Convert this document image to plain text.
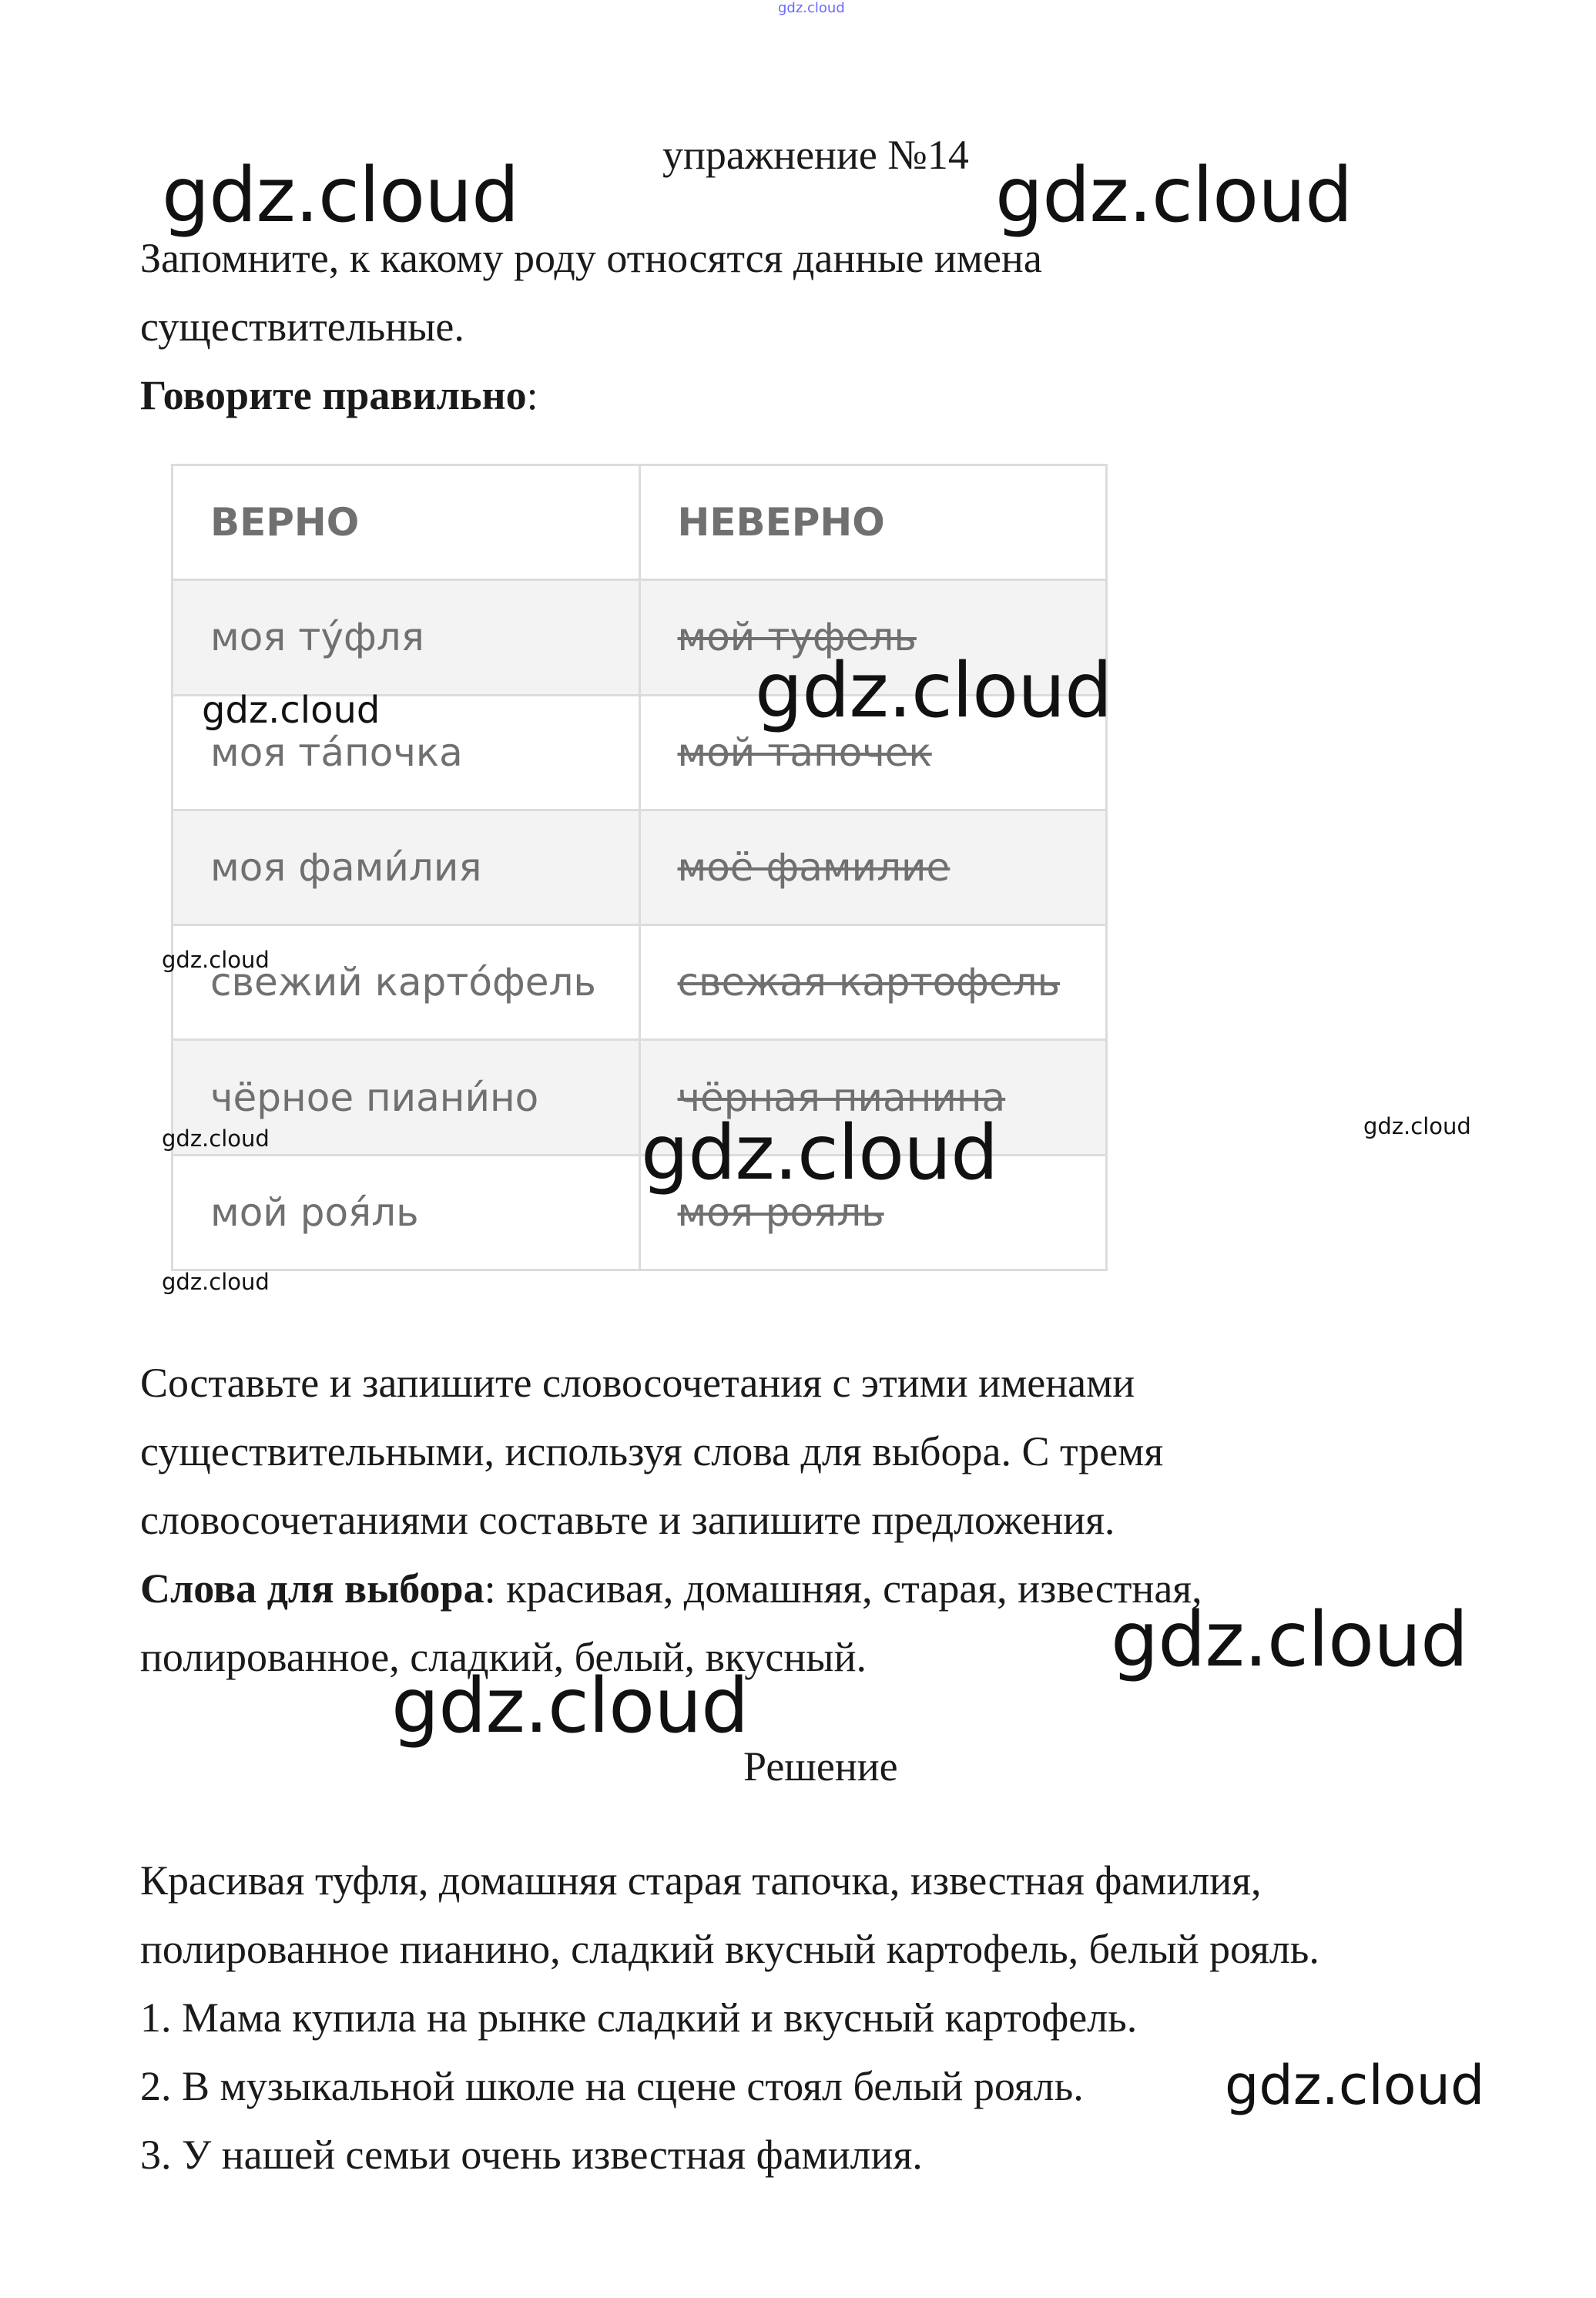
gdz.cloud
упражнение №14
Запомните, к какому роду относятся данные имена
существительные.
Говорите правильно:
ВЕРНО	НЕВЕРНО
моя ту́фля	мой туфель
моя та́почка	мой тапочек
моя фами́лия	моё фамилие
свежий карто́фель	свежая картофель
чёрное пиани́но	чёрная пианина
мой роя́ль	моя рояль
Составьте и запишите словосочетания с этими именами
существительными, используя слова для выбора. С тремя
словосочетаниями составьте и запишите предложения.
Слова для выбора: красивая, домашняя, старая, известная,
полированное, сладкий, белый, вкусный.
Решение
Красивая туфля, домашняя старая тапочка, известная фамилия,
полированное пианино, сладкий вкусный картофель, белый рояль.
1. Мама купила на рынке сладкий и вкусный картофель.
2. В музыкальной школе на сцене стоял белый рояль.
3. У нашей семьи очень известная фамилия.
gdz.cloud	gdz.cloud
gdz.cloud	gdz.cloud
gdz.cloud
gdz.cloud	gdz.cloud
gdz.cloud
gdz.cloud
gdz.cloud
gdz.cloud
gdz.cloud
